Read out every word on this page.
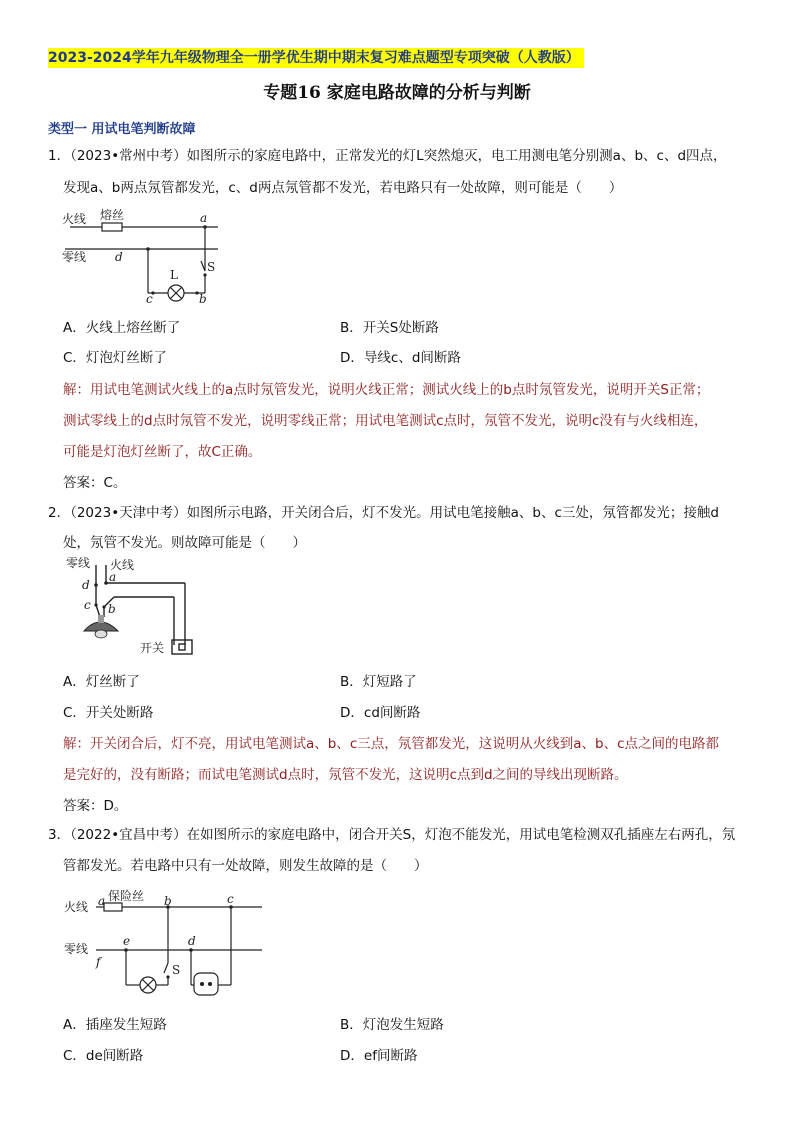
2023-2024学年九年级物理全一册学优生期中期末复习难点题型专项突破（人教版）
专题16 家庭电路故障的分析与判断
类型一 用试电笔判断故障
1．（2023•常州中考）如图所示的家庭电路中，正常发光的灯L突然熄灭，电工用测电笔分别测a、b、c、d四点，
发现a、b两点氖管都发光，c、d两点氖管都不发光，若电路只有一处故障，则可能是（　　）
火线 熔丝
零线
a
d
L
S
c	b
A．火线上熔丝断了	B．开关S处断路
C．灯泡灯丝断了	D．导线c、d间断路
解：用试电笔测试火线上的a点时氖管发光，说明火线正常；测试火线上的b点时氖管发光，说明开关S正常；
测试零线上的d点时氖管不发光，说明零线正常；用试电笔测试c点时，氖管不发光，说明c没有与火线相连，
可能是灯泡灯丝断了，故C正确。
答案：C。
2．（2023•天津中考）如图所示电路，开关闭合后，灯不发光。用试电笔接触a、b、c三处，氖管都发光；接触d
处，氖管不发光。则故障可能是（　　）
零线 火线
a
d
c b
开关
A．灯丝断了	B．灯短路了
C．开关处断路	D．cd间断路
解：开关闭合后，灯不亮，用试电笔测试a、b、c三点，氖管都发光，这说明从火线到a、b、c点之间的电路都
是完好的，没有断路；而试电笔测试d点时，氖管不发光，这说明c点到d之间的导线出现断路。
答案：D。
3．（2022•宜昌中考）在如图所示的家庭电路中，闭合开关S，灯泡不能发光，用试电笔检测双孔插座左右两孔，氖
管都发光。若电路中只有一处故障，则发生故障的是（　　）
火线 a 保险丝 b	c
零线
e	d
f
S
A．插座发生短路	B．灯泡发生短路
C．de间断路	D．ef间断路
